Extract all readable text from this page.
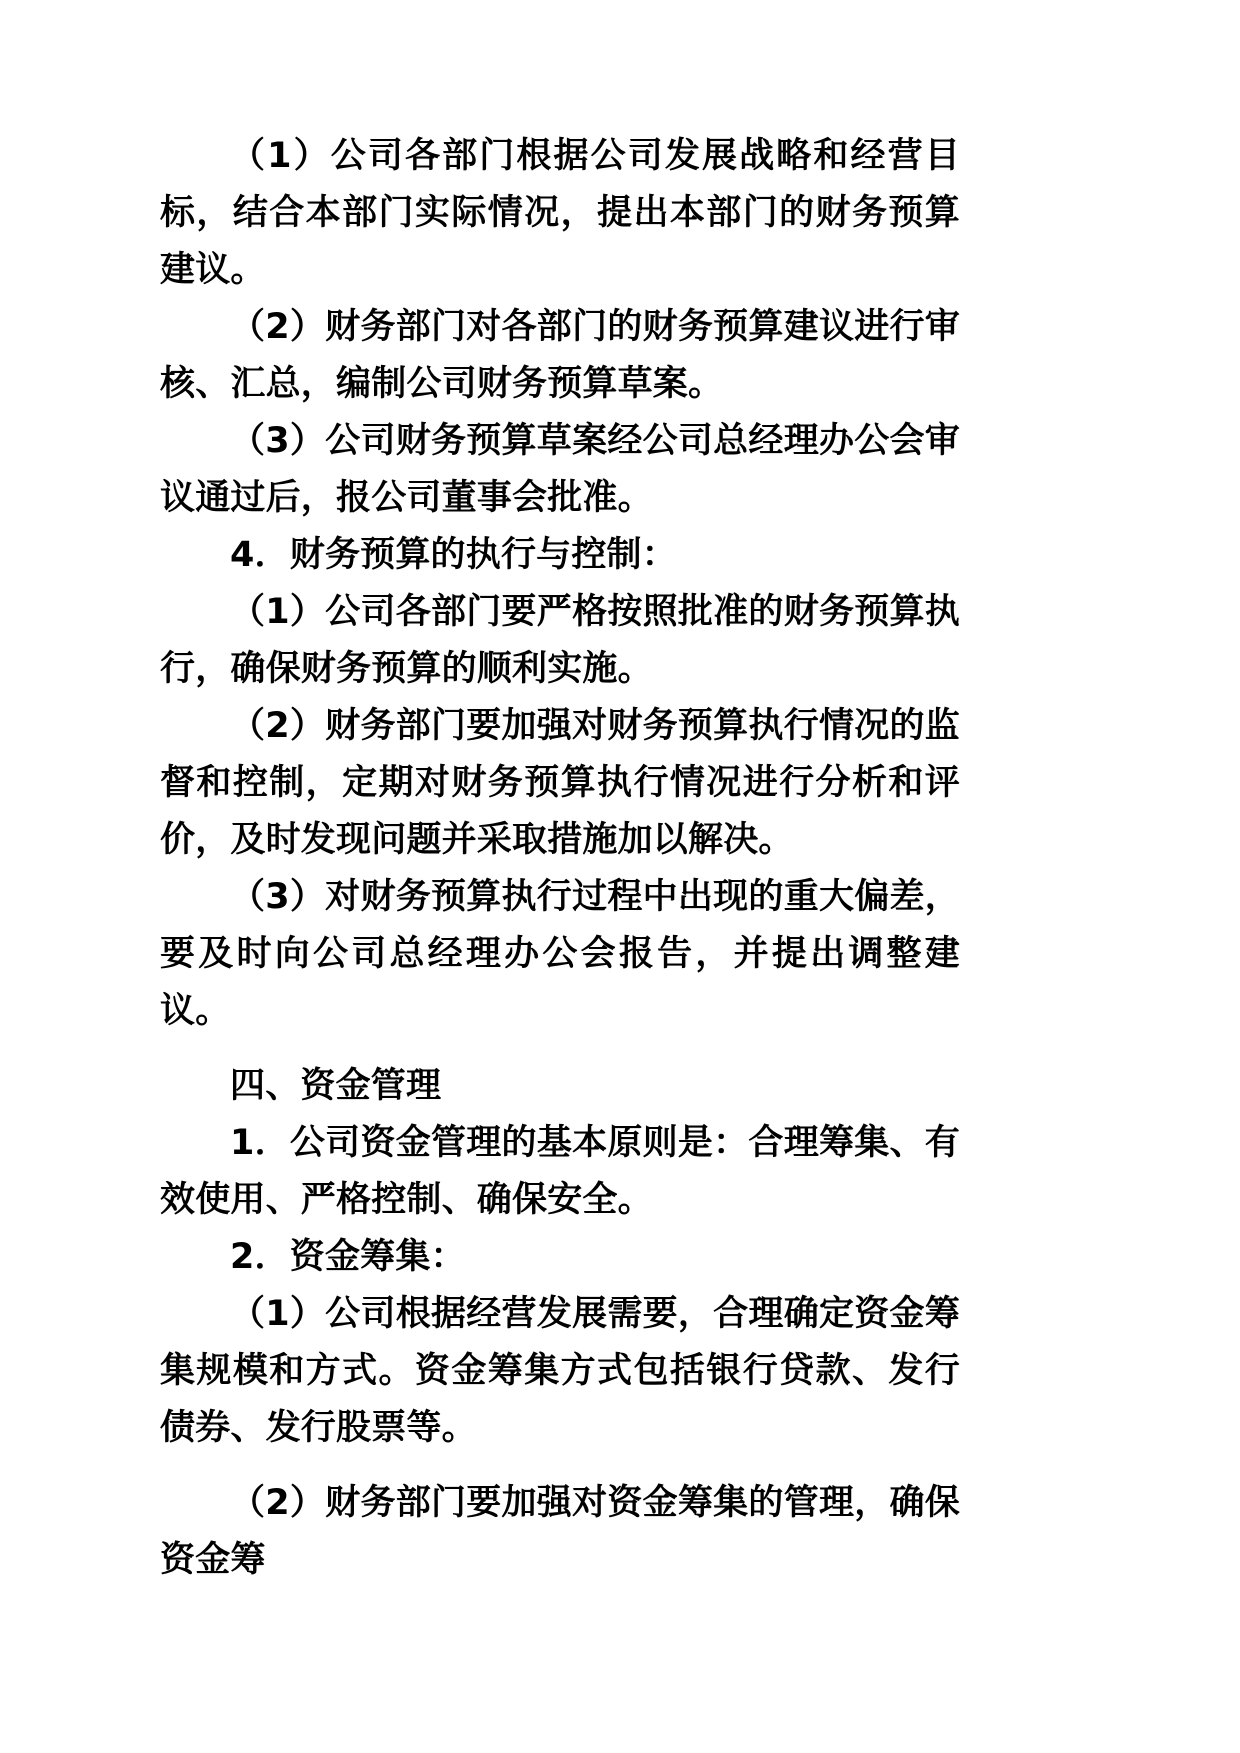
（1）公司各部门根据公司发展战略和经营目标，结合本部门实际情况，提出本部门的财务预算建议。

（2）财务部门对各部门的财务预算建议进行审核、汇总，编制公司财务预算草案。

（3）公司财务预算草案经公司总经理办公会审议通过后，报公司董事会批准。

4．财务预算的执行与控制：

（1）公司各部门要严格按照批准的财务预算执行，确保财务预算的顺利实施。

（2）财务部门要加强对财务预算执行情况的监督和控制，定期对财务预算执行情况进行分析和评价，及时发现问题并采取措施加以解决。

（3）对财务预算执行过程中出现的重大偏差，要及时向公司总经理办公会报告，并提出调整建议。

四、资金管理

1．公司资金管理的基本原则是：合理筹集、有效使用、严格控制、确保安全。

2．资金筹集：

（1）公司根据经营发展需要，合理确定资金筹集规模和方式。资金筹集方式包括银行贷款、发行债券、发行股票等。

（2）财务部门要加强对资金筹集的管理，确保资金筹
